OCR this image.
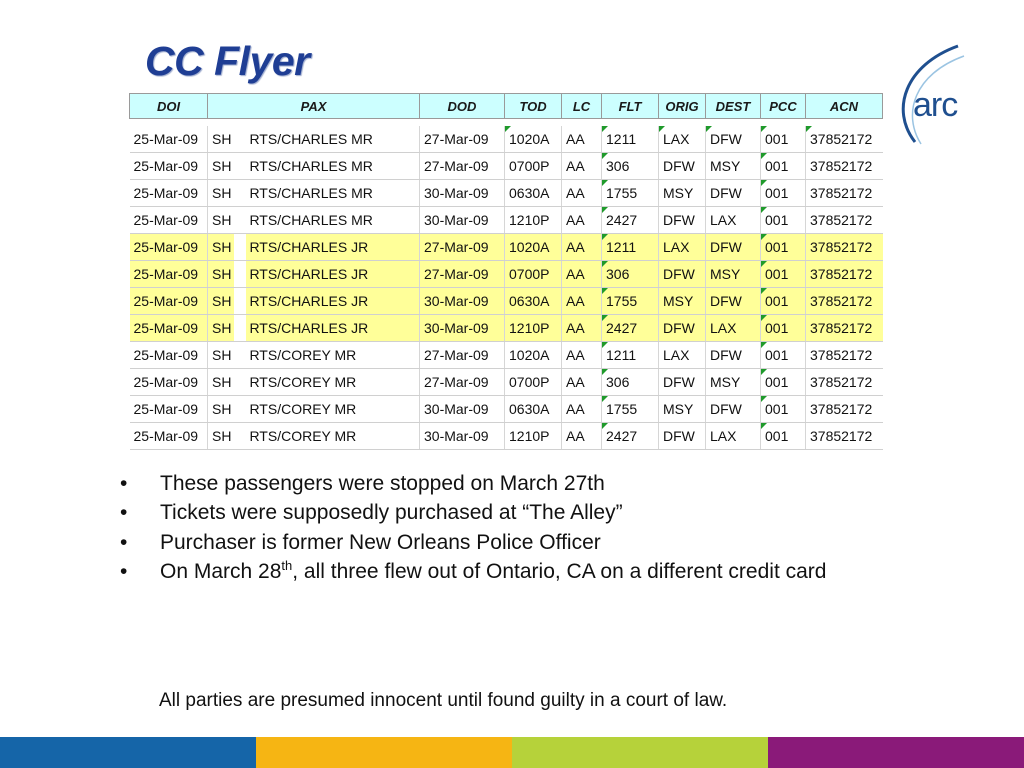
CC Flyer
arc
DOI	PAX	DOD	TOD	LC	FLT	ORIG	DEST	PCC	ACN

25-Mar-09	SH RTS/CHARLES MR	27-Mar-09	1020A	AA	1211	LAX	DFW	001	37852172

25-Mar-09	SH RTS/CHARLES MR	27-Mar-09	0700P	AA	306	DFW	MSY	001	37852172
25-Mar-09	SH RTS/CHARLES MR	30-Mar-09	0630A	AA	1755	MSY	DFW	001	37852172
25-Mar-09	SH RTS/CHARLES MR	30-Mar-09	1210P	AA	2427	DFW	LAX	001	37852172
25-Mar-09	SH RTS/CHARLES JR	27-Mar-09	1020A	AA	1211	LAX	DFW	001	37852172
25-Mar-09	SH RTS/CHARLES JR	27-Mar-09	0700P	AA	306	DFW	MSY	001	37852172
25-Mar-09	SH RTS/CHARLES JR	30-Mar-09	0630A	AA	1755	MSY	DFW	001	37852172
25-Mar-09	SH RTS/CHARLES JR	30-Mar-09	1210P	AA	2427	DFW	LAX	001	37852172
25-Mar-09	SH RTS/COREY MR	27-Mar-09	1020A	AA	1211	LAX	DFW	001	37852172
25-Mar-09	SH RTS/COREY MR	27-Mar-09	0700P	AA	306	DFW	MSY	001	37852172
25-Mar-09	SH RTS/COREY MR	30-Mar-09	0630A	AA	1755	MSY	DFW	001	37852172
25-Mar-09	SH RTS/COREY MR	30-Mar-09	1210P	AA	2427	DFW	LAX	001	37852172
• These passengers were stopped on March 27th
• Tickets were supposedly purchased at “The Alley”
• Purchaser is former New Orleans Police Officer
• On March 28th, all three flew out of Ontario, CA on a different credit card
All parties are presumed innocent until found guilty in a court of law.
